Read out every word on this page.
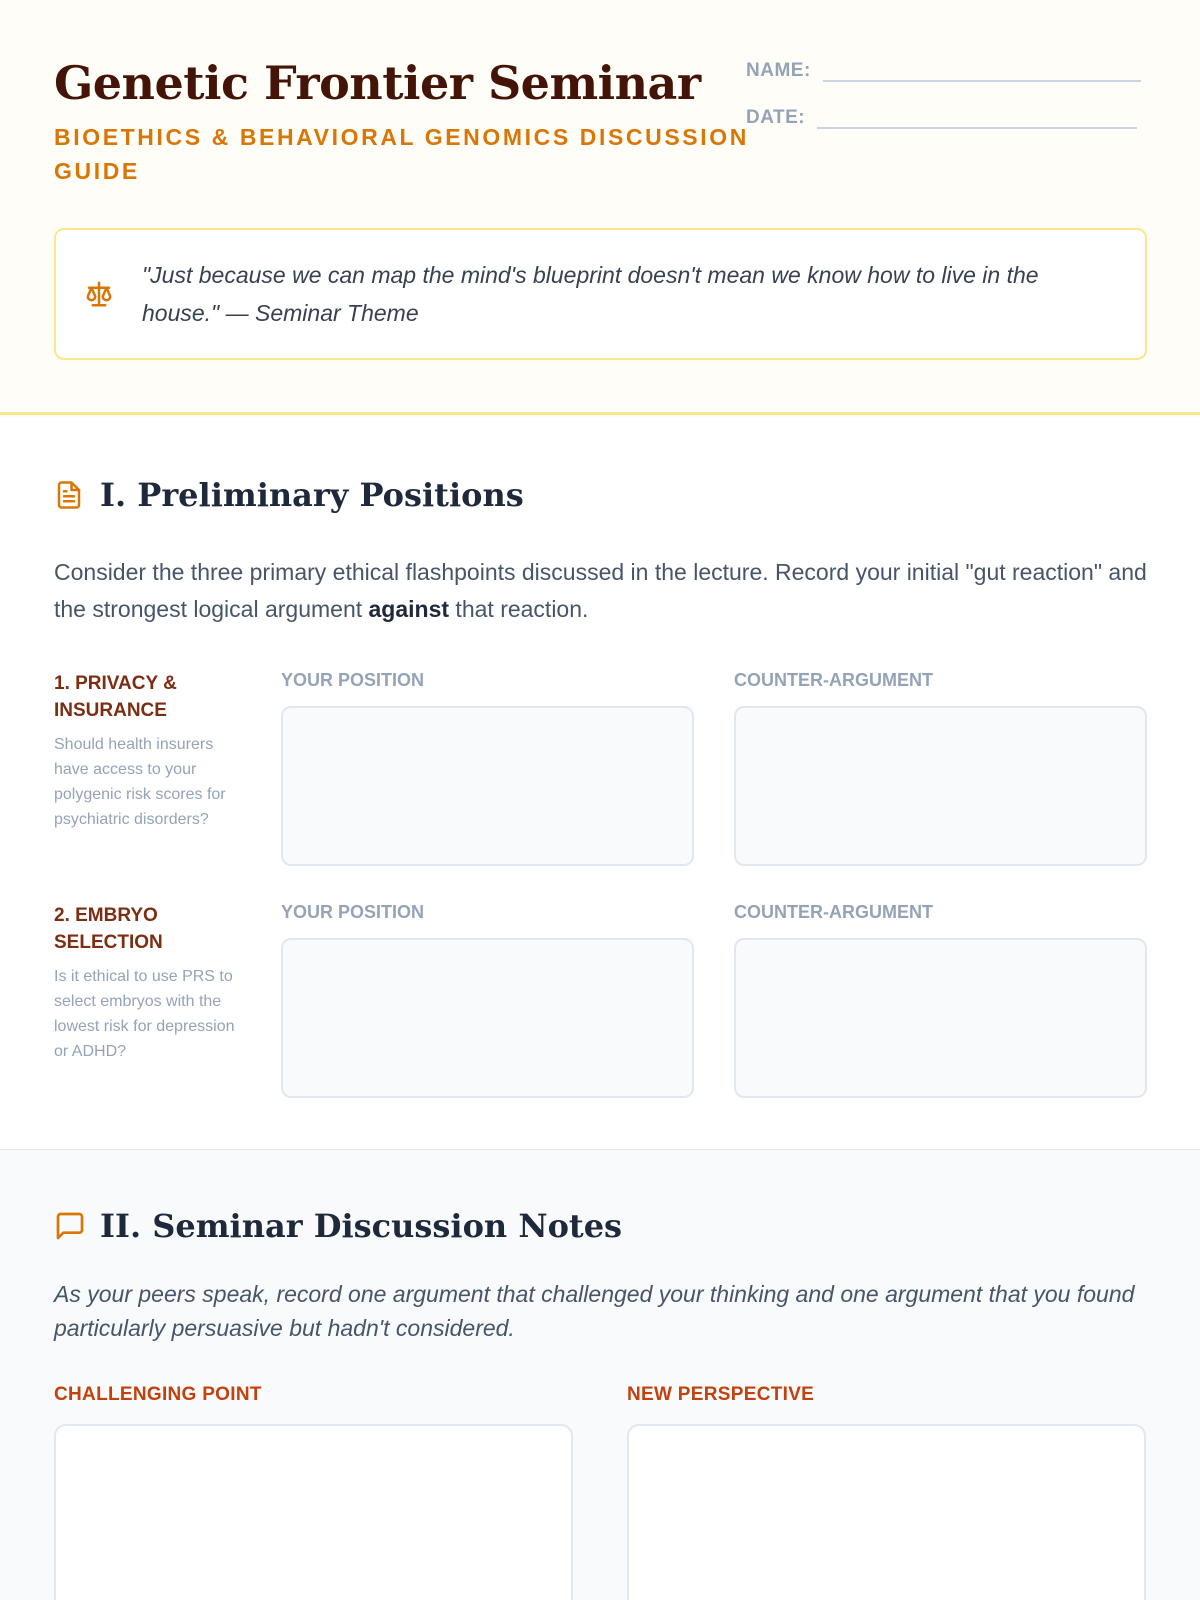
Genetic Frontier Seminar
BIOETHICS & BEHAVIORAL GENOMICS DISCUSSION GUIDE
NAME:
DATE:

"Just because we can map the mind's blueprint doesn't mean we know how to live in the house." — Seminar Theme

I. Preliminary Positions

Consider the three primary ethical flashpoints discussed in the lecture. Record your initial "gut reaction" and the strongest logical argument against that reaction.

1. PRIVACY & INSURANCE
Should health insurers have access to your polygenic risk scores for psychiatric disorders?
YOUR POSITION	COUNTER-ARGUMENT
2. EMBRYO SELECTION
Is it ethical to use PRS to select embryos with the lowest risk for depression or ADHD?
YOUR POSITION	COUNTER-ARGUMENT
II. Seminar Discussion Notes

As your peers speak, record one argument that challenged your thinking and one argument that you found particularly persuasive but hadn't considered.

CHALLENGING POINT	NEW PERSPECTIVE
